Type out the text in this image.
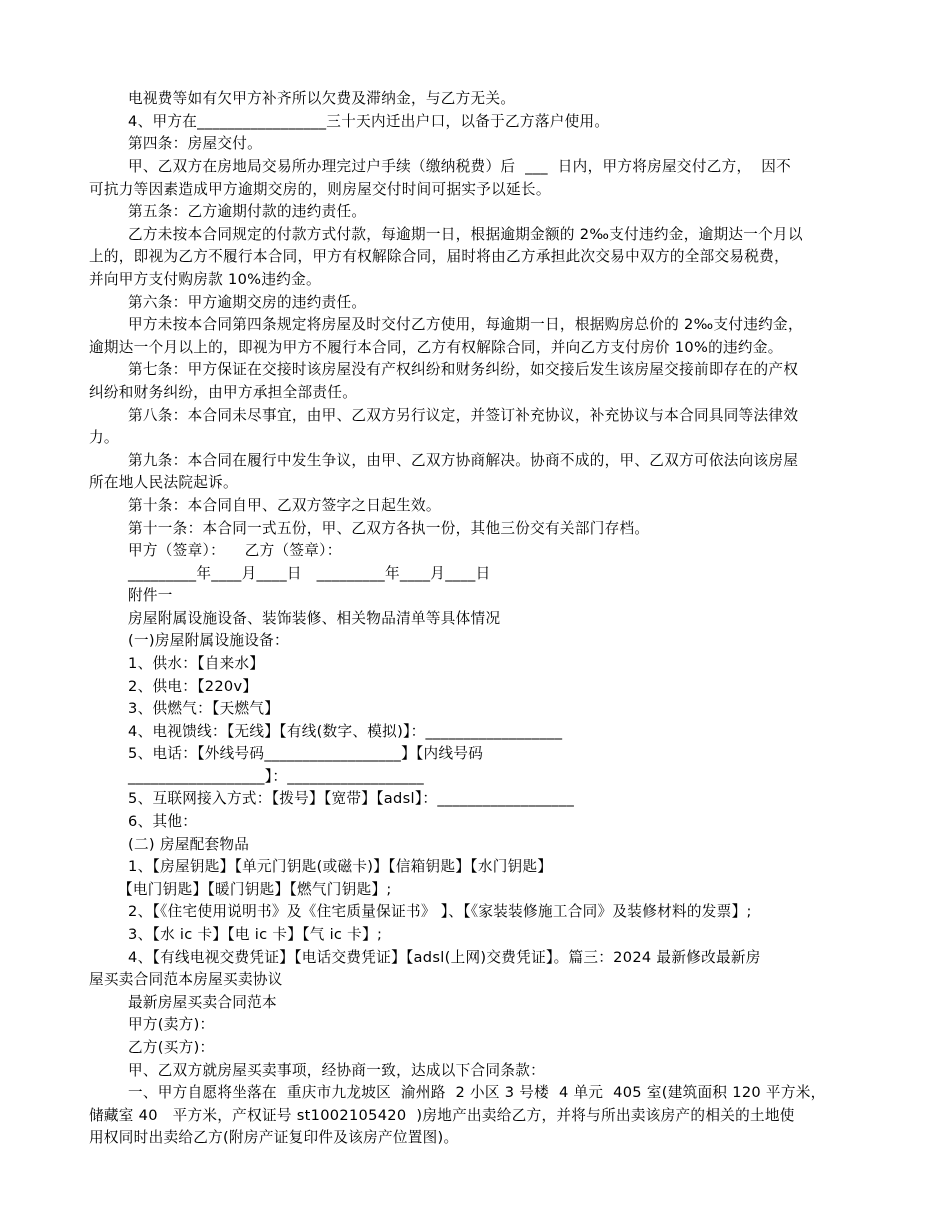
电视费等如有欠甲方补齐所以欠费及滞纳金，与乙方无关。
4、甲方在_________________三十天内迁出户口，以备于乙方落户使用。
第四条：房屋交付。
甲、乙双方在房地局交易所办理完过户手续（缴纳税费）后  ___  日内，甲方将房屋交付乙方，  因不
可抗力等因素造成甲方逾期交房的，则房屋交付时间可据实予以延长。
第五条：乙方逾期付款的违约责任。
乙方未按本合同规定的付款方式付款，每逾期一日，根据逾期金额的 2‰支付违约金，逾期达一个月以
上的，即视为乙方不履行本合同，甲方有权解除合同，届时将由乙方承担此次交易中双方的全部交易税费，
并向甲方支付购房款 10%违约金。
第六条：甲方逾期交房的违约责任。
甲方未按本合同第四条规定将房屋及时交付乙方使用，每逾期一日，根据购房总价的 2‰支付违约金，
逾期达一个月以上的，即视为甲方不履行本合同，乙方有权解除合同，并向乙方支付房价 10%的违约金。
第七条：甲方保证在交接时该房屋没有产权纠纷和财务纠纷，如交接后发生该房屋交接前即存在的产权
纠纷和财务纠纷，由甲方承担全部责任。
第八条：本合同未尽事宜，由甲、乙双方另行议定，并签订补充协议，补充协议与本合同具同等法律效
力。
第九条：本合同在履行中发生争议，由甲、乙双方协商解决。协商不成的，甲、乙双方可依法向该房屋
所在地人民法院起诉。
第十条：本合同自甲、乙双方签字之日起生效。
第十一条：本合同一式五份，甲、乙双方各执一份，其他三份交有关部门存档。
甲方（签章）：    乙方（签章）：
_________年____月____日   _________年____月____日
附件一
房屋附属设施设备、装饰装修、相关物品清单等具体情况
(一)房屋附属设施设备：
1、供水：【自来水】
2、供电：【220v】
3、供燃气：【天燃气】
4、电视馈线：【无线】【有线(数字、模拟)】：__________________
5、电话：【外线号码__________________】【内线号码
__________________】：__________________
5、互联网接入方式：【拨号】【宽带】【adsl】：__________________
6、其他：
(二) 房屋配套物品
1、【房屋钥匙】【单元门钥匙(或磁卡)】【信箱钥匙】【水门钥匙】
【电门钥匙】【暖门钥匙】【燃气门钥匙】;
2、【《住宅使用说明书》及《住宅质量保证书》 】、【《家装装修施工合同》及装修材料的发票】;
3、【水 ic 卡】【电 ic 卡】【气 ic 卡】;
4、【有线电视交费凭证】【电话交费凭证】【adsl(上网)交费凭证】。篇三：2024 最新修改最新房
屋买卖合同范本房屋买卖协议
最新房屋买卖合同范本
甲方(卖方)：
乙方(买方)：
甲、乙双方就房屋买卖事项，经协商一致，达成以下合同条款：
一、甲方自愿将坐落在  重庆市九龙坡区  渝州路  2 小区 3 号楼  4 单元  405 室(建筑面积 120 平方米，
储藏室 40   平方米，产权证号 st1002105420  )房地产出卖给乙方，并将与所出卖该房产的相关的土地使
用权同时出卖给乙方(附房产证复印件及该房产位置图)。
